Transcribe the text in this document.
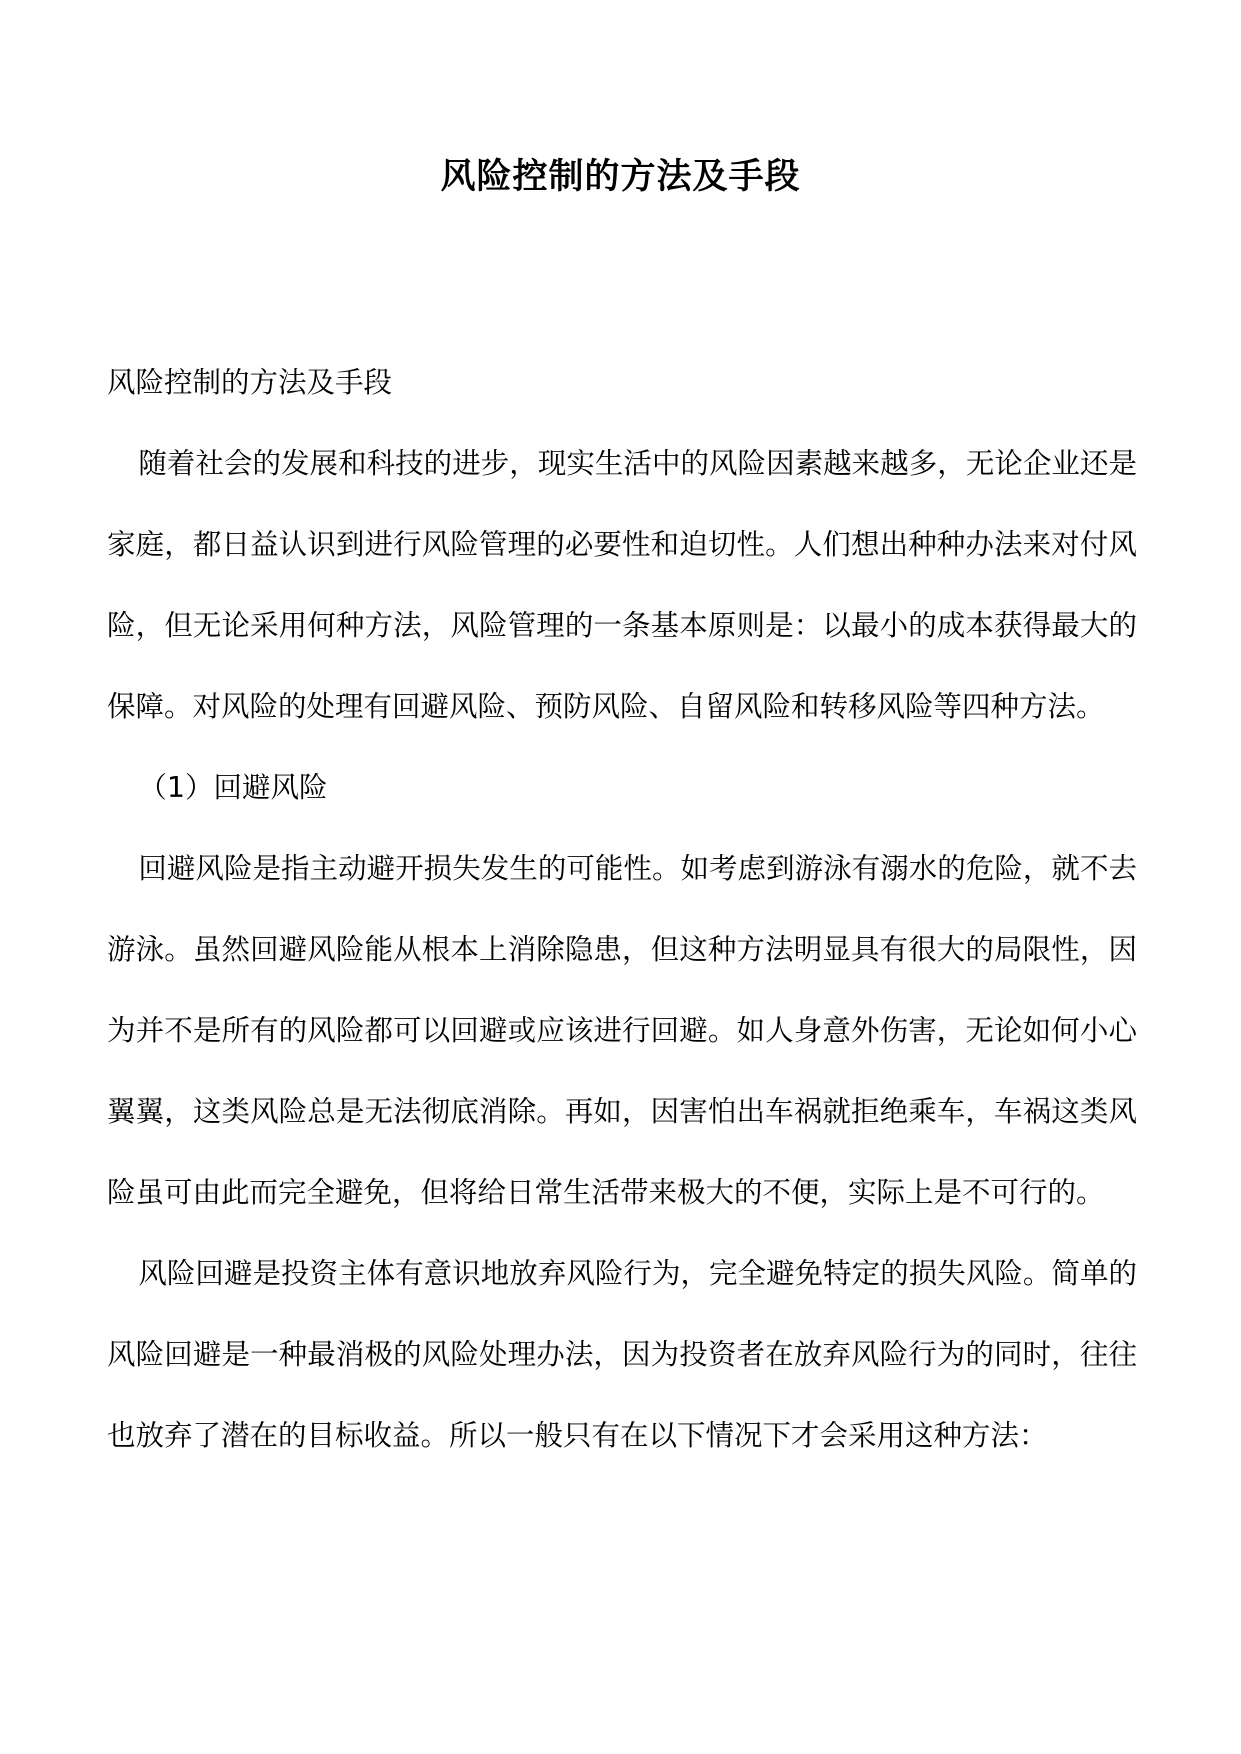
风险控制的方法及手段

风险控制的方法及手段

随着社会的发展和科技的进步，现实生活中的风险因素越来越多，无论企业还是家庭，都日益认识到进行风险管理的必要性和迫切性。人们想出种种办法来对付风险，但无论采用何种方法，风险管理的一条基本原则是：以最小的成本获得最大的保障。对风险的处理有回避风险、预防风险、自留风险和转移风险等四种方法。

（1）回避风险

回避风险是指主动避开损失发生的可能性。如考虑到游泳有溺水的危险，就不去游泳。虽然回避风险能从根本上消除隐患，但这种方法明显具有很大的局限性，因为并不是所有的风险都可以回避或应该进行回避。如人身意外伤害，无论如何小心翼翼，这类风险总是无法彻底消除。再如，因害怕出车祸就拒绝乘车，车祸这类风险虽可由此而完全避免，但将给日常生活带来极大的不便，实际上是不可行的。

风险回避是投资主体有意识地放弃风险行为，完全避免特定的损失风险。简单的风险回避是一种最消极的风险处理办法，因为投资者在放弃风险行为的同时，往往也放弃了潜在的目标收益。所以一般只有在以下情况下才会采用这种方法：
